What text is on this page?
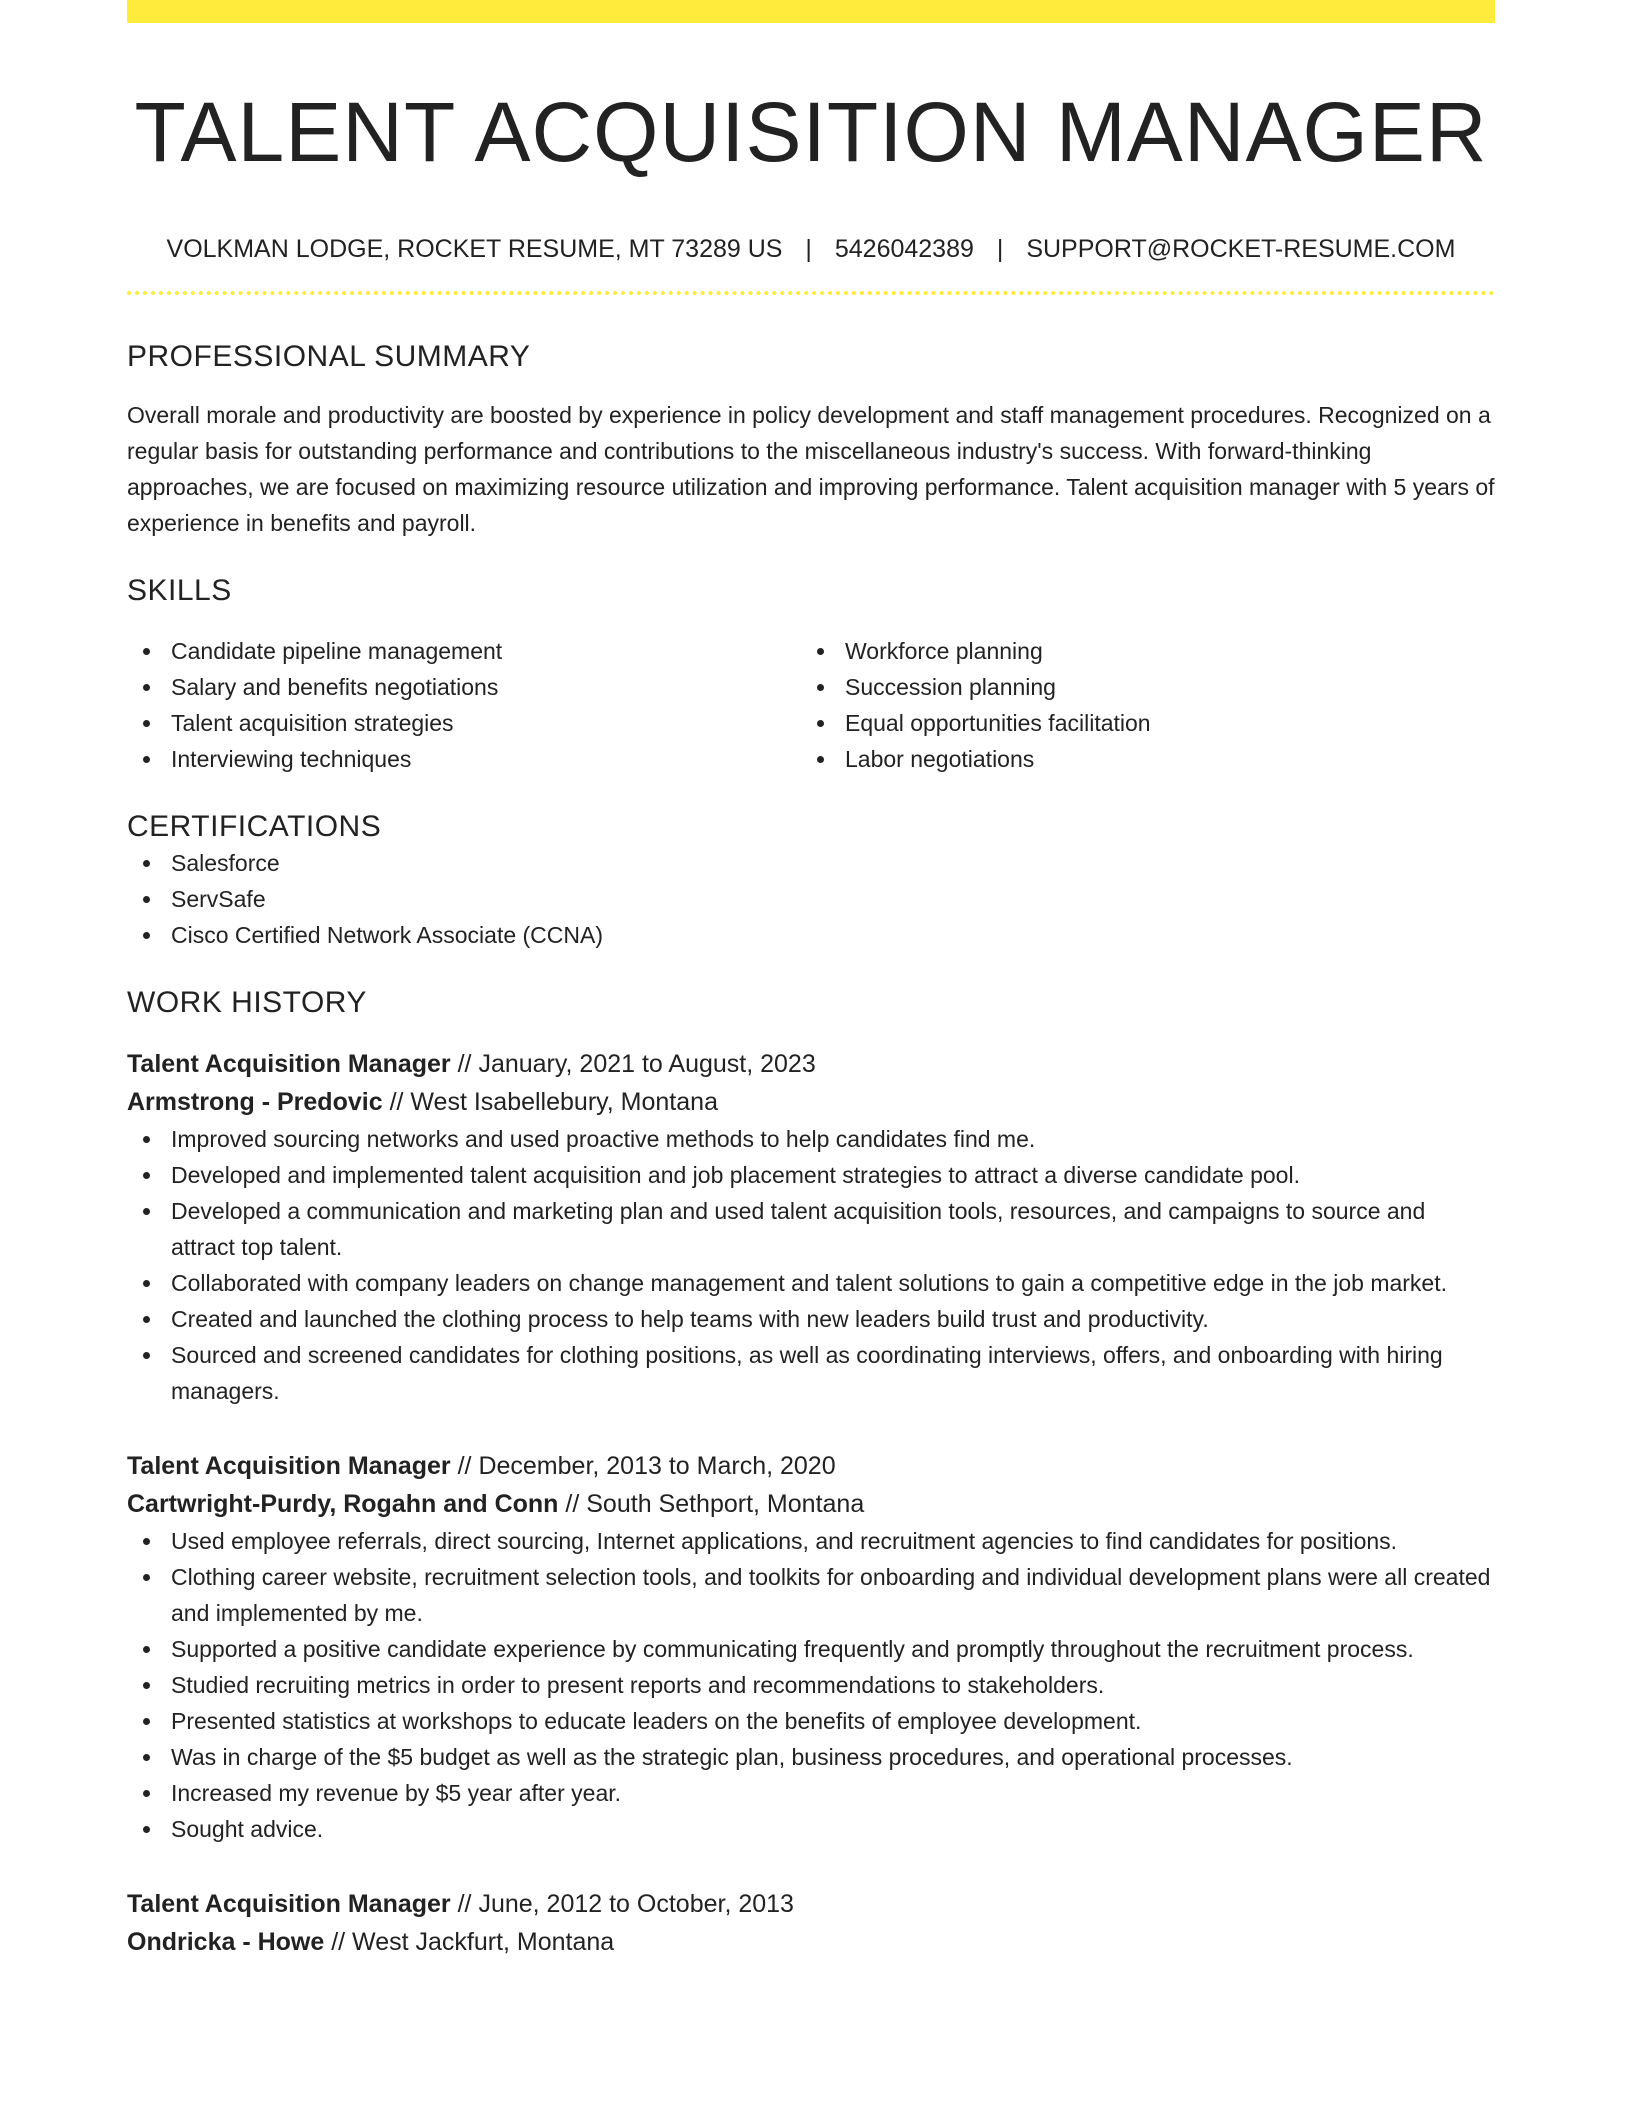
TALENT ACQUISITION MANAGER
VOLKMAN LODGE, ROCKET RESUME, MT 73289 US | 5426042389 | SUPPORT@ROCKET-RESUME.COM
PROFESSIONAL SUMMARY

Overall morale and productivity are boosted by experience in policy development and staff management procedures. Recognized on a regular basis for outstanding performance and contributions to the miscellaneous industry's success. With forward-thinking approaches, we are focused on maximizing resource utilization and improving performance. Talent acquisition manager with 5 years of experience in benefits and payroll.

SKILLS
Candidate pipeline management
Salary and benefits negotiations
Talent acquisition strategies
Interviewing techniques
Workforce planning
Succession planning
Equal opportunities facilitation
Labor negotiations
CERTIFICATIONS
Salesforce
ServSafe
Cisco Certified Network Associate (CCNA)
WORK HISTORY
Talent Acquisition Manager // January, 2021 to August, 2023
Armstrong - Predovic // West Isabellebury, Montana
Improved sourcing networks and used proactive methods to help candidates find me.
Developed and implemented talent acquisition and job placement strategies to attract a diverse candidate pool.
Developed a communication and marketing plan and used talent acquisition tools, resources, and campaigns to source and attract top talent.
Collaborated with company leaders on change management and talent solutions to gain a competitive edge in the job market.
Created and launched the clothing process to help teams with new leaders build trust and productivity.
Sourced and screened candidates for clothing positions, as well as coordinating interviews, offers, and onboarding with hiring managers.
Talent Acquisition Manager // December, 2013 to March, 2020
Cartwright-Purdy, Rogahn and Conn // South Sethport, Montana
Used employee referrals, direct sourcing, Internet applications, and recruitment agencies to find candidates for positions.
Clothing career website, recruitment selection tools, and toolkits for onboarding and individual development plans were all created and implemented by me.
Supported a positive candidate experience by communicating frequently and promptly throughout the recruitment process.
Studied recruiting metrics in order to present reports and recommendations to stakeholders.
Presented statistics at workshops to educate leaders on the benefits of employee development.
Was in charge of the $5 budget as well as the strategic plan, business procedures, and operational processes.
Increased my revenue by $5 year after year.
Sought advice.
Talent Acquisition Manager // June, 2012 to October, 2013
Ondricka - Howe // West Jackfurt, Montana
